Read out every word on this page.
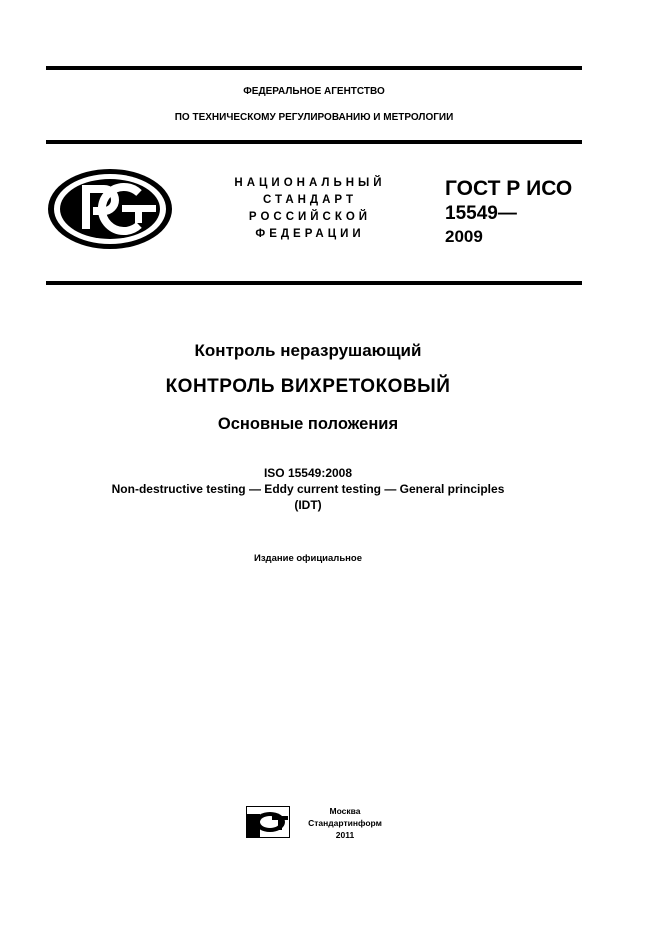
ФЕДЕРАЛЬНОЕ АГЕНТСТВО
ПО ТЕХНИЧЕСКОМУ РЕГУЛИРОВАНИЮ И МЕТРОЛОГИИ
НАЦИОНАЛЬНЫЙ
СТАНДАРТ
РОССИЙСКОЙ
ФЕДЕРАЦИИ
ГОСТ Р ИСО
15549—
2009
Контроль неразрушающий
КОНТРОЛЬ ВИХРЕТОКОВЫЙ
Основные положения
ISO 15549:2008
Non-destructive testing — Eddy current testing — General principles
(IDT)
Издание официальное
Москва
Стандартинформ
2011
